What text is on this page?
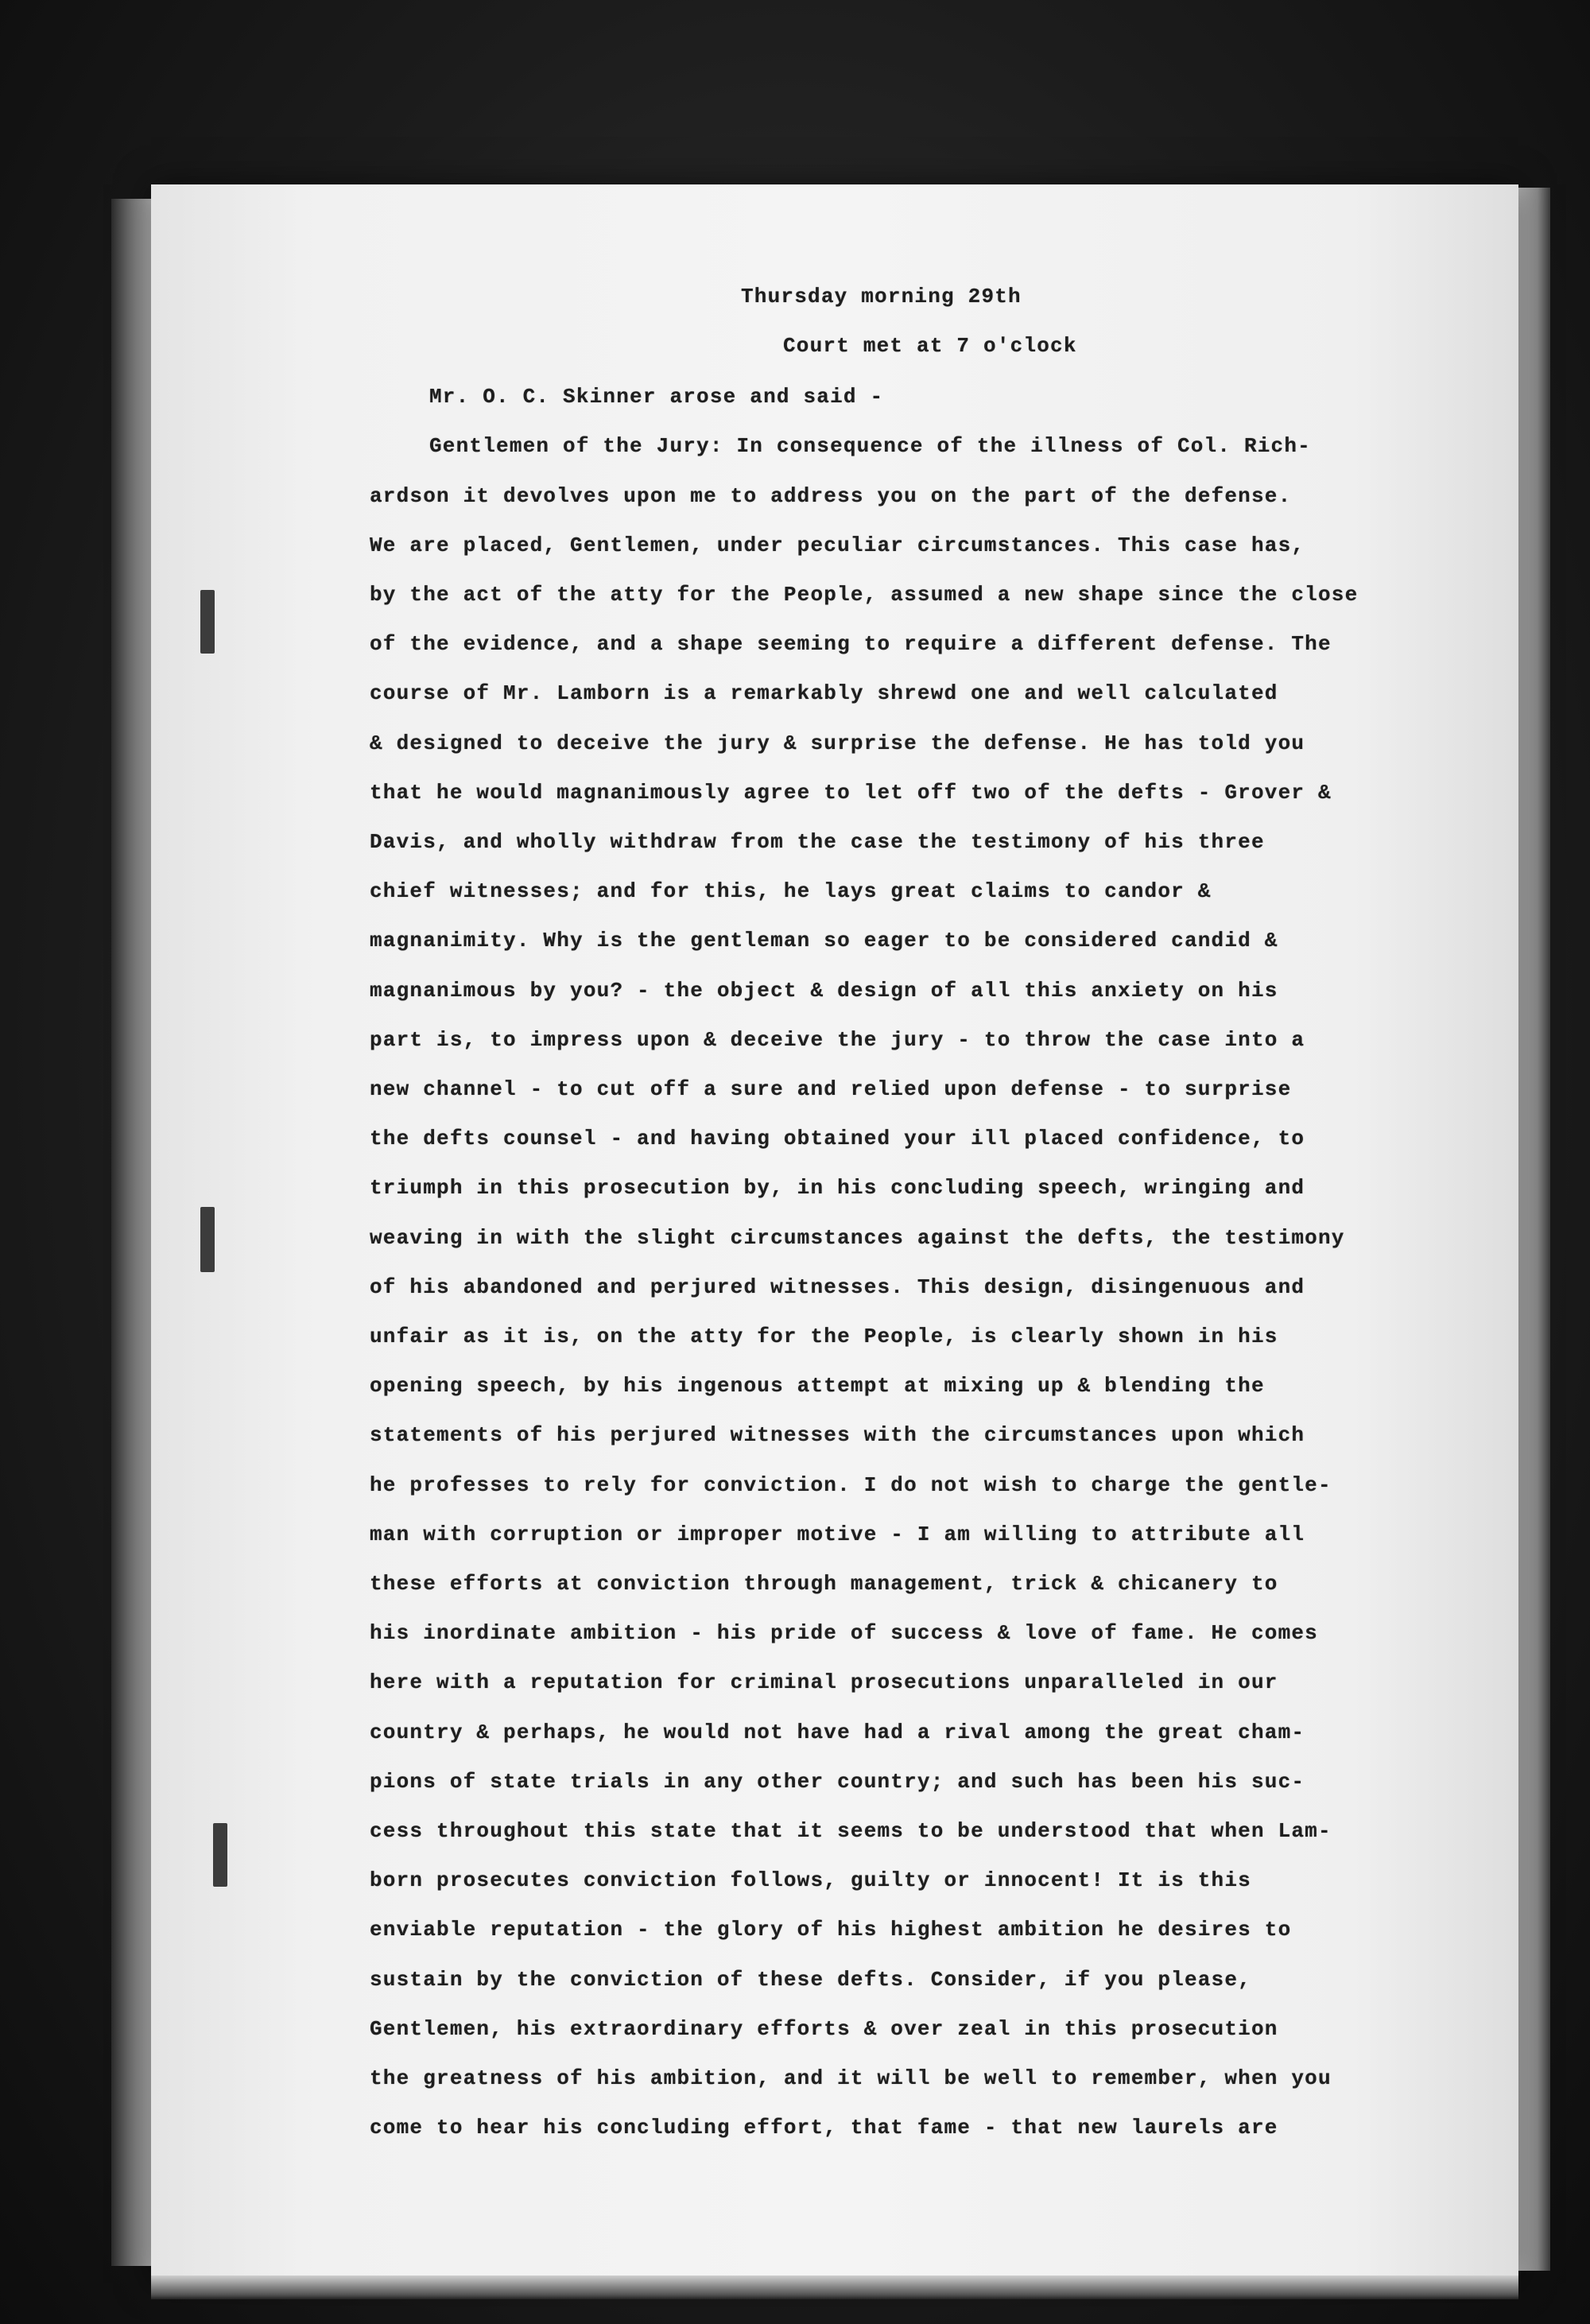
Thursday morning 29th
Court met at 7 o'clock
Mr. O. C. Skinner arose and said -
Gentlemen of the Jury: In consequence of the illness of Col. Rich-
ardson it devolves upon me to address you on the part of the defense.
We are placed, Gentlemen, under peculiar circumstances. This case has,
by the act of the atty for the People, assumed a new shape since the close
of the evidence, and a shape seeming to require a different defense. The
course of Mr. Lamborn is a remarkably shrewd one and well calculated
& designed to deceive the jury & surprise the defense. He has told you
that he would magnanimously agree to let off two of the defts - Grover &
Davis, and wholly withdraw from the case the testimony of his three
chief witnesses; and for this, he lays great claims to candor &
magnanimity. Why is the gentleman so eager to be considered candid &
magnanimous by you? - the object & design of all this anxiety on his
part is, to impress upon & deceive the jury - to throw the case into a
new channel - to cut off a sure and relied upon defense - to surprise
the defts counsel - and having obtained your ill placed confidence, to
triumph in this prosecution by, in his concluding speech, wringing and
weaving in with the slight circumstances against the defts, the testimony
of his abandoned and perjured witnesses. This design, disingenuous and
unfair as it is, on the atty for the People, is clearly shown in his
opening speech, by his ingenous attempt at mixing up & blending the
statements of his perjured witnesses with the circumstances upon which
he professes to rely for conviction. I do not wish to charge the gentle-
man with corruption or improper motive - I am willing to attribute all
these efforts at conviction through management, trick & chicanery to
his inordinate ambition - his pride of success & love of fame. He comes
here with a reputation for criminal prosecutions unparalleled in our
country & perhaps, he would not have had a rival among the great cham-
pions of state trials in any other country; and such has been his suc-
cess throughout this state that it seems to be understood that when Lam-
born prosecutes conviction follows, guilty or innocent! It is this
enviable reputation - the glory of his highest ambition he desires to
sustain by the conviction of these defts. Consider, if you please,
Gentlemen, his extraordinary efforts & over zeal in this prosecution
the greatness of his ambition, and it will be well to remember, when you
come to hear his concluding effort, that fame - that new laurels are
